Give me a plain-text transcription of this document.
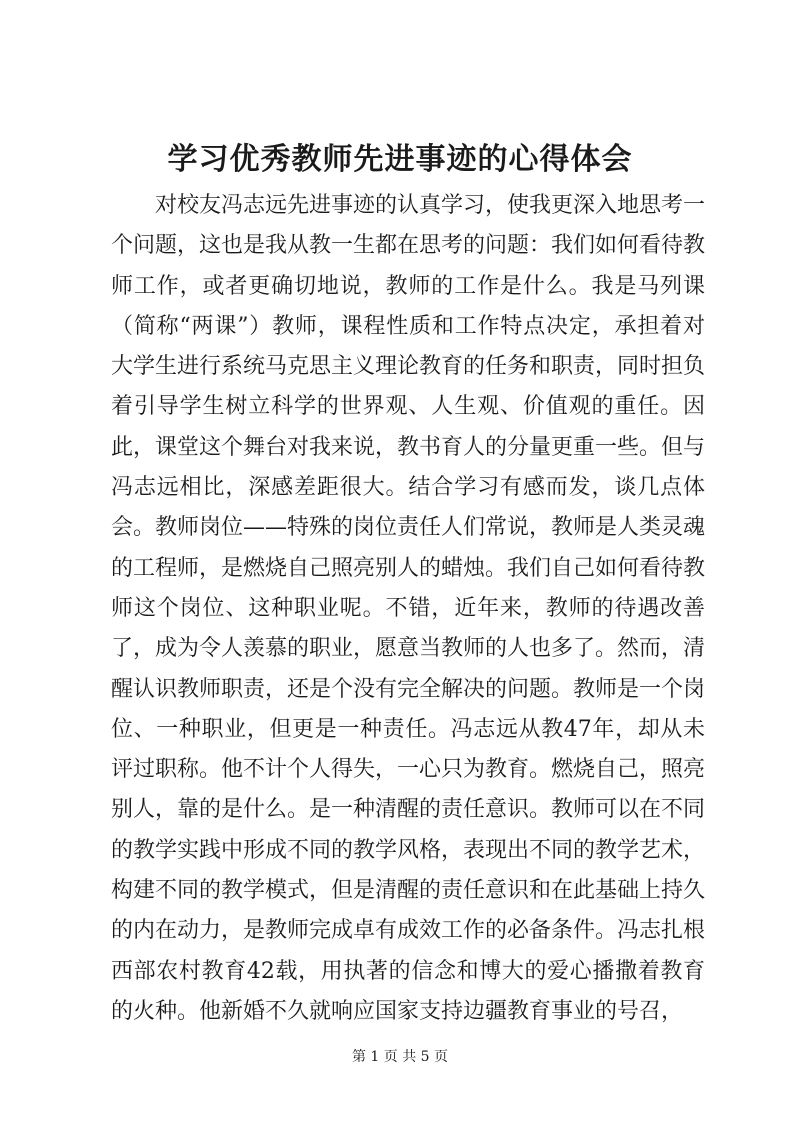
学习优秀教师先进事迹的心得体会

对校友冯志远先进事迹的认真学习，使我更深入地思考一个问题，这也是我从教一生都在思考的问题：我们如何看待教师工作，或者更确切地说，教师的工作是什么。我是马列课（简称“两课”）教师，课程性质和工作特点决定，承担着对大学生进行系统马克思主义理论教育的任务和职责，同时担负着引导学生树立科学的世界观、人生观、价值观的重任。因此，课堂这个舞台对我来说，教书育人的分量更重一些。但与冯志远相比，深感差距很大。结合学习有感而发，谈几点体会。教师岗位——特殊的岗位责任人们常说，教师是人类灵魂的工程师，是燃烧自己照亮别人的蜡烛。我们自己如何看待教师这个岗位、这种职业呢。不错，近年来，教师的待遇改善了，成为令人羡慕的职业，愿意当教师的人也多了。然而，清醒认识教师职责，还是个没有完全解决的问题。教师是一个岗位、一种职业，但更是一种责任。冯志远从教47年，却从未评过职称。他不计个人得失，一心只为教育。燃烧自己，照亮别人，靠的是什么。是一种清醒的责任意识。教师可以在不同的教学实践中形成不同的教学风格，表现出不同的教学艺术，构建不同的教学模式，但是清醒的责任意识和在此基础上持久的内在动力，是教师完成卓有成效工作的必备条件。冯志扎根西部农村教育42载，用执著的信念和博大的爱心播撒着教育的火种。他新婚不久就响应国家支持边疆教育事业的号召，

第 1 页 共 5 页
